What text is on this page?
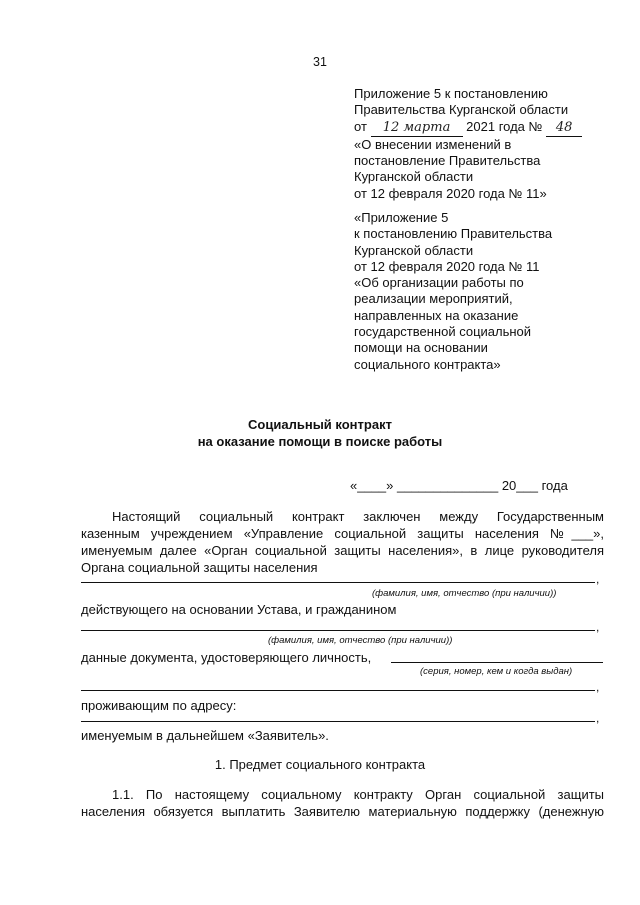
31
Приложение 5 к постановлению
Правительства Курганской области
от 12 марта 2021 года № 48
«О внесении изменений в
постановление Правительства
Курганской области
от 12 февраля 2020 года № 11»
«Приложение 5
к постановлению Правительства
Курганской области
от 12 февраля 2020 года № 11
«Об организации работы по
реализации мероприятий,
направленных на оказание
государственной социальной
помощи на основании
социального контракта»
Социальный контракт
на оказание помощи в поиске работы
«____» ______________ 20___ года
Настоящий социальный контракт заключен между Государственным
казенным учреждением «Управление социальной защиты населения №___»,
именуемым далее «Орган социальной защиты населения», в лице руководителя
Органа социальной защиты населения
,
(фамилия, имя, отчество (при наличии))
действующего на основании Устава, и гражданином
,
(фамилия, имя, отчество (при наличии))
данные документа, удостоверяющего личность,
(серия, номер, кем и когда выдан)
,
проживающим по адресу:
,
именуемым в дальнейшем «Заявитель».
1. Предмет социального контракта
1.1. По настоящему социальному контракту Орган социальной защиты
населения обязуется выплатить Заявителю материальную поддержку (денежную
